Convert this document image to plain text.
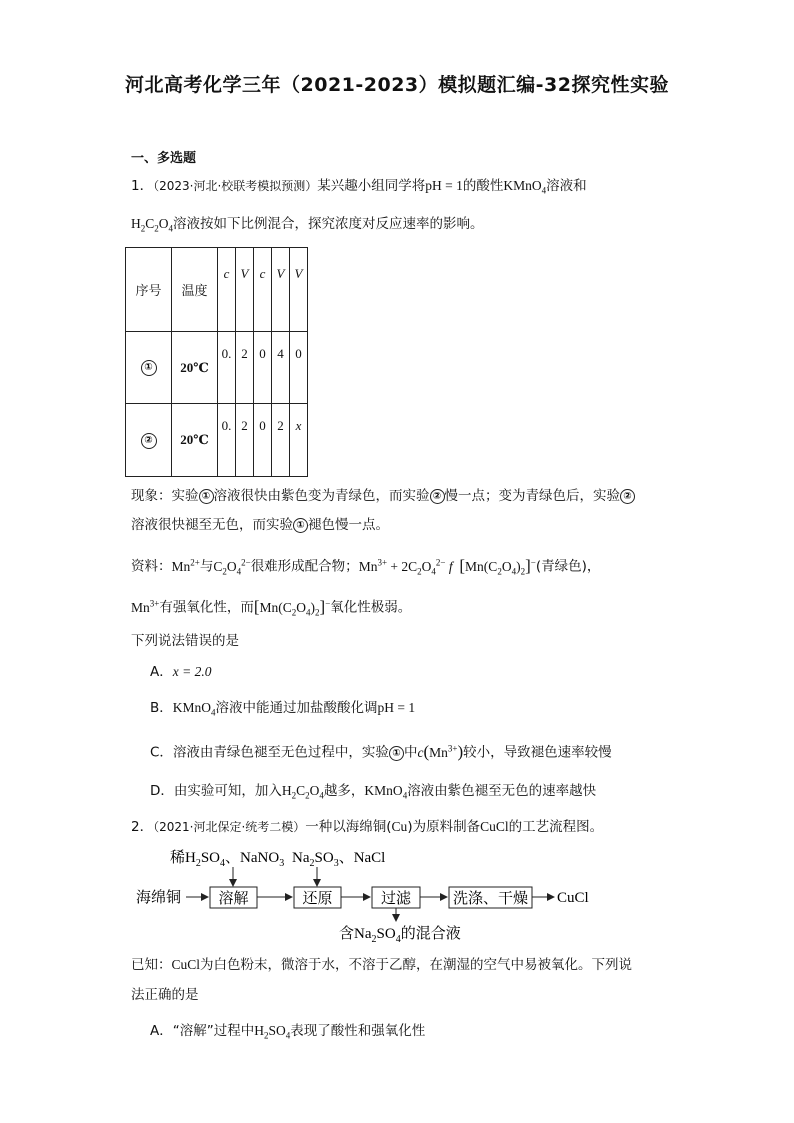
河北高考化学三年（2021-2023）模拟题汇编-32探究性实验
一、多选题
1．（2023·河北·校联考模拟预测）某兴趣小组同学将pH = 1的酸性KMnO$_4$溶液和
$H_2C_2O_4$溶液按如下比例混合，探究浓度对反应速率的影响。
序号	温度	c	V	c	V	V
①	20℃	0.	2	0	4	0
②	20℃	0.	2	0	2	x
现象：实验 ① 溶液很快由紫色变为青绿色，而实验 ② 慢一点；变为青绿色后，实验 ②
溶液很快褪至无色，而实验 ① 褪色慢一点。
资料：$Mn^{2+}$与$C_2O_4^{2-}$很难形成配合物；$Mn^{3+} + 2C_2O_4^{2-}$ f $[Mn(C_2O_4)_2]^-$(青绿色)，
$Mn^{3+}$有强氧化性，而$[Mn(C_2O_4)_2]^-$氧化性极弱。
下列说法错误的是
A．x = 2.0
B．KMnO$_4$溶液中能通过加盐酸酸化调pH = 1
C．溶液由青绿色褪至无色过程中，实验 ① 中$c(Mn^{3+})$较小，导致褪色速率较慢
D．由实验可知，加入$H_2C_2O_4$越多，KMnO$_4$溶液由紫色褪至无色的速率越快
2．（2021·河北保定·统考二模）一种以海绵铜(Cu)为原料制备CuCl的工艺流程图。
稀$H_2SO_4$、NaNO$_3$ $Na_2SO_3$、NaCl
海绵铜 溶解	还原	过滤	洗涤、干燥 CuCl
含$Na_2SO_4$的混合液
已知：CuCl为白色粉末，微溶于水，不溶于乙醇，在潮湿的空气中易被氧化。下列说
法正确的是
A．“溶解”过程中$H_2SO_4$表现了酸性和强氧化性
